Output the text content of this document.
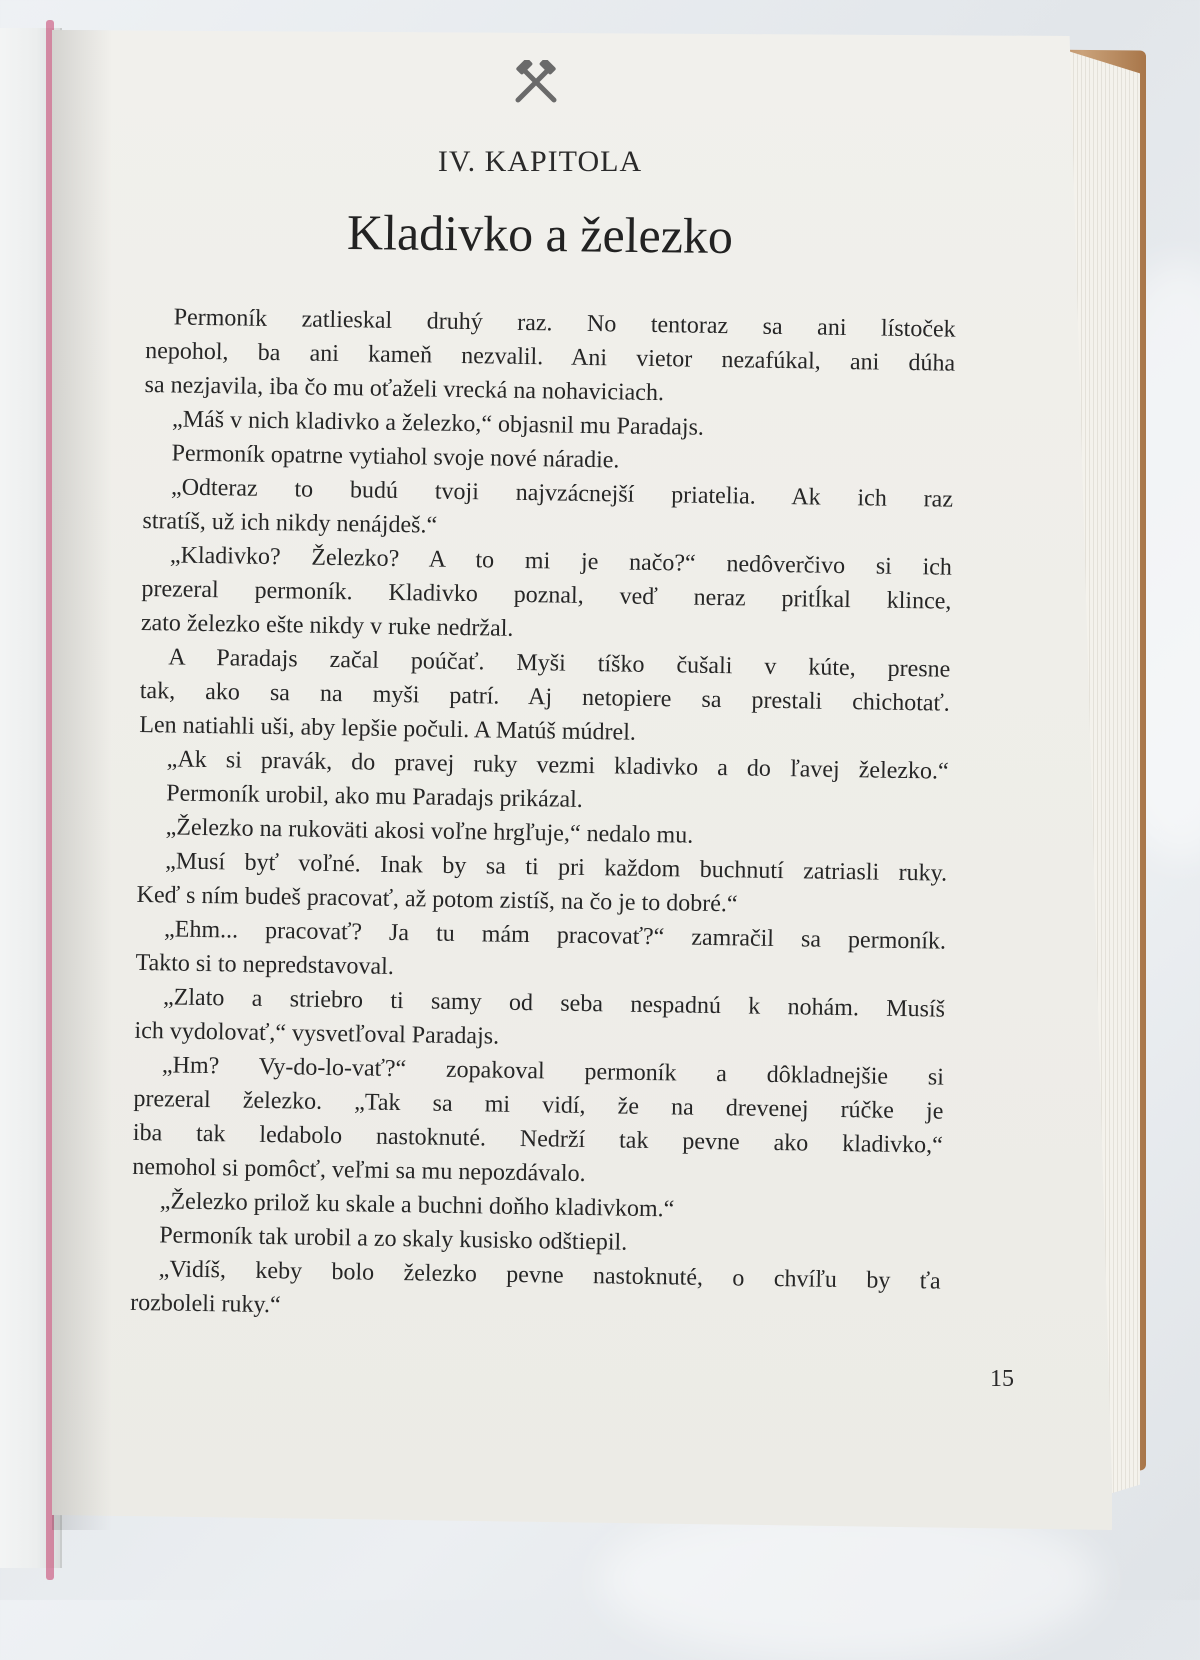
IV. KAPITOLA

Kladivko a železko
Permoník zatlieskal druhý raz. No tentoraz sa ani lístoček
nepohol, ba ani kameň nezvalil. Ani vietor nezafúkal, ani dúha
sa nezjavila, iba čo mu oťaželi vrecká na nohaviciach.
„Máš v nich kladivko a železko,“ objasnil mu Paradajs.
Permoník opatrne vytiahol svoje nové náradie.
„Odteraz to budú tvoji najvzácnejší priatelia. Ak ich raz
stratíš, už ich nikdy nenájdeš.“
„Kladivko? Železko? A to mi je načo?“ nedôverčivo si ich
prezeral permoník. Kladivko poznal, veď neraz pritĺkal klince,
zato železko ešte nikdy v ruke nedržal.
A Paradajs začal poúčať. Myši tíško čušali v kúte, presne
tak, ako sa na myši patrí. Aj netopiere sa prestali chichotať.
Len natiahli uši, aby lepšie počuli. A Matúš múdrel.
„Ak si pravák, do pravej ruky vezmi kladivko a do ľavej železko.“
Permoník urobil, ako mu Paradajs prikázal.
„Železko na rukoväti akosi voľne hrgľuje,“ nedalo mu.
„Musí byť voľné. Inak by sa ti pri každom buchnutí zatriasli ruky.
Keď s ním budeš pracovať, až potom zistíš, na čo je to dobré.“
„Ehm... pracovať? Ja tu mám pracovať?“ zamračil sa permoník.
Takto si to nepredstavoval.
„Zlato a striebro ti samy od seba nespadnú k nohám. Musíš
ich vydolovať,“ vysvetľoval Paradajs.
„Hm? Vy-do-lo-vať?“ zopakoval permoník a dôkladnejšie si
prezeral železko. „Tak sa mi vidí, že na drevenej rúčke je
iba tak ledabolo nastoknuté. Nedrží tak pevne ako kladivko,“
nemohol si pomôcť, veľmi sa mu nepozdávalo.
„Železko prilož ku skale a buchni doňho kladivkom.“
Permoník tak urobil a zo skaly kusisko odštiepil.
„Vidíš, keby bolo železko pevne nastoknuté, o chvíľu by ťa
rozboleli ruky.“

15
